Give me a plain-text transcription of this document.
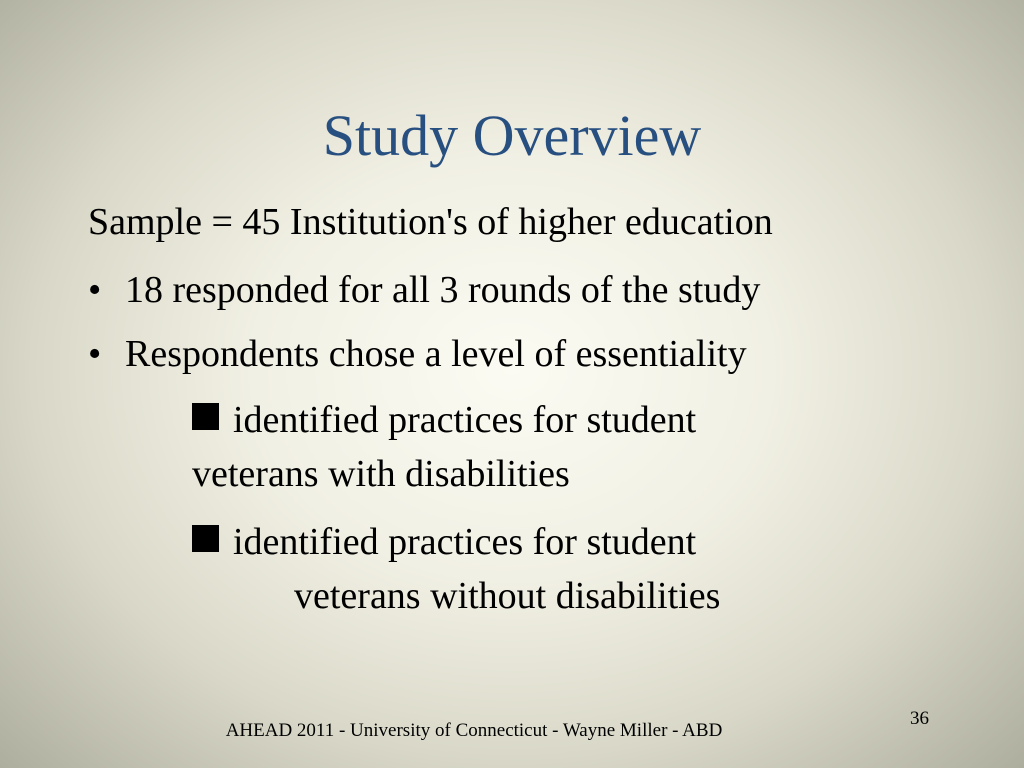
Study Overview

Sample = 45 Institution's of higher education

• 18 responded for all 3 rounds of the study

• Respondents chose a level of essentiality

identified practices for student

veterans with disabilities

identified practices for student

veterans without disabilities

36
AHEAD 2011 - University of Connecticut - Wayne Miller - ABD
